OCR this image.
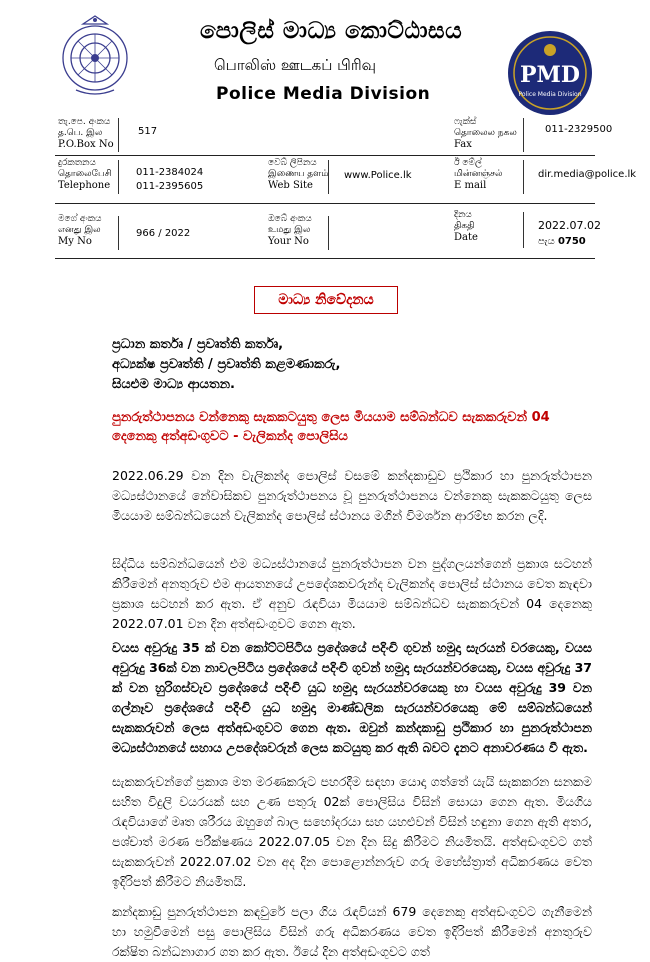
පොලිස් මාධ්‍ය කොට්ඨාසය
பொலிஸ் ஊடகப் பிரிவு
Police Media Division
PMD
Police Media Division
තැ.පෙ. අංකය
த.பெ. இல
P.O.Box No
517
ෆැක්ස්
தொலைல நகல
Fax
011-2329500
දුරකතනය
தொலைபேசி
Telephone
011-2384024
011-2395605
වෙබ් ලිපිනය
இணைய தளம்
Web Site
www.Police.lk
ඊ මේල්
மின்னஞ்சல்
E mail
dir.media@police.lk
මගේ අංකය
எனது இல
My No
966 / 2022
ඔබේ අංකය
உமது இல
Your No
දිනය
திகதி
Date
2022.07.02
පැය 0750
මාධ්‍ය නිවේදනය
ප්‍රධාන කර්තෘ / ප්‍රවෘත්ති කර්තෘ,
අධ්‍යක්ෂ ප්‍රවෘත්ති / ප්‍රවෘත්ති කළමණාකරු,
සියළුම මාධ්‍ය ආයතන.
පුනරුත්ථාපනය වන්නෙකු සැකකටයුතු ලෙස මියයාම සම්බන්ධව සැකකරුවන් 04 දෙනෙකු අත්අඩංගුවට - වැලිකන්ද පොලිසිය
2022.06.29 වන දින වැලිකන්ද පොලිස් වසමේ කන්දකාඩුව ප්‍රථිකාර හා පුනරුත්ථාපන මධ්‍යස්ථානයේ නේවාසිකව පුනරුත්ථාපනය වූ පුනරුත්ථාපනය වන්නෙකු සැකකටයුතු ලෙස මියයාම සම්බන්ධයෙන් වැලිකන්ද පොලිස් ස්ථානය මගින් විමර්ශන ආරම්භ කරන ලදි.
සිද්ධිය සම්බන්ධයෙන් එම මධ්‍යස්ථානයේ පුනරුත්ථාපන වන පුද්ගලයන්ගෙන් ප්‍රකාශ සටහන් කිරීමෙන් අනතුරුව එම ආයතනයේ උපදේශකවරුන්ද වැලිකන්ද පොලිස් ස්ථානය වෙත කැඳවා ප්‍රකාශ සටහන් කර ඇත. ඒ අනුව රැඳවියා මියයාම සම්බන්ධව සැකකරුවන් 04 දෙනෙකු 2022.07.01 වන දින අත්අඩංගුවට ගෙන ඇත.
වයස අවුරුදු 35 ක් වන කෝට්ටපිටිය ප්‍රදේශයේ පදිංචි ගුවන් හමුදා සැරයන් වරයෙකු, වයස අවුරුදු 36ක් වන නාවලපිටිය ප්‍රදේශයේ පදිංචි ගුවන් හමුදා සැරයන්වරයෙකු, වයස අවුරුදු 37 ක් වන හුරිගස්වැව ප්‍රදේශයේ පදිංචි යුධ හමුදා සැරයන්වරයෙකු හා වයස අවුරුදු 39 වන ගල්නෑව ප්‍රදේශයේ පදිංචි යුධ හමුදා මාණ්ඩලික සැරයන්වරයෙකු මේ සම්බන්ධයෙන් සැකකරුවන් ලෙස අත්අඩංගුවට ගෙන ඇත. ඔවුන් කන්දකාඩු ප්‍රථිකාර හා පුනරුත්ථාපන මධ්‍යස්ථානයේ සහාය උපදේශවරුන් ලෙස කටයුතු කර ඇති බවට දැනට අනාවරණය වී ඇත.
සැකකරුවන්ගේ ප්‍රකාශ මත මරණකරුට පහරදීම සඳහා යොදා ගත්තේ යැයි සැකකරන සනකම සහිත විදුලි වයරයක් සහ උණ පතුරු 02ක් පොලිසිය විසින් සොයා ගෙන ඇත. මියගිය රැඳවියාගේ මෘත ශරීරය ඔහුගේ බාල සහෝදරයා සහ යහළුවන් විසින් හඳුනා ගෙන ඇති අතර, පශ්චාත් මරණ පරීක්ෂණය 2022.07.05 වන දින සිදු කිරීමට නියමිතයි. අත්අඩංගුවට ගත් සැකකරුවන් 2022.07.02 වන අද දින පොළොන්නරුව ගරු මහේස්ත්‍රාත් අධිකරණය වෙත ඉදිරිපත් කිරීමට නියමිතයි.
කන්දකාඩු පුනරුත්ථාපන කඳවුරේ පලා ගිය රැඳවියන් 679 දෙනෙකු අත්අඩංගුවට ගැනීමෙන් හා හමුවීමෙන් පසු පොලිසිය විසින් ගරු අධිකරණය වෙත ඉදිරිපත් කිරීමෙන් අනතුරුව රක්ෂිත බන්ධනාගාර ගත කර ඇත. ඊයේ දින අත්අඩංගුවට ගත්
